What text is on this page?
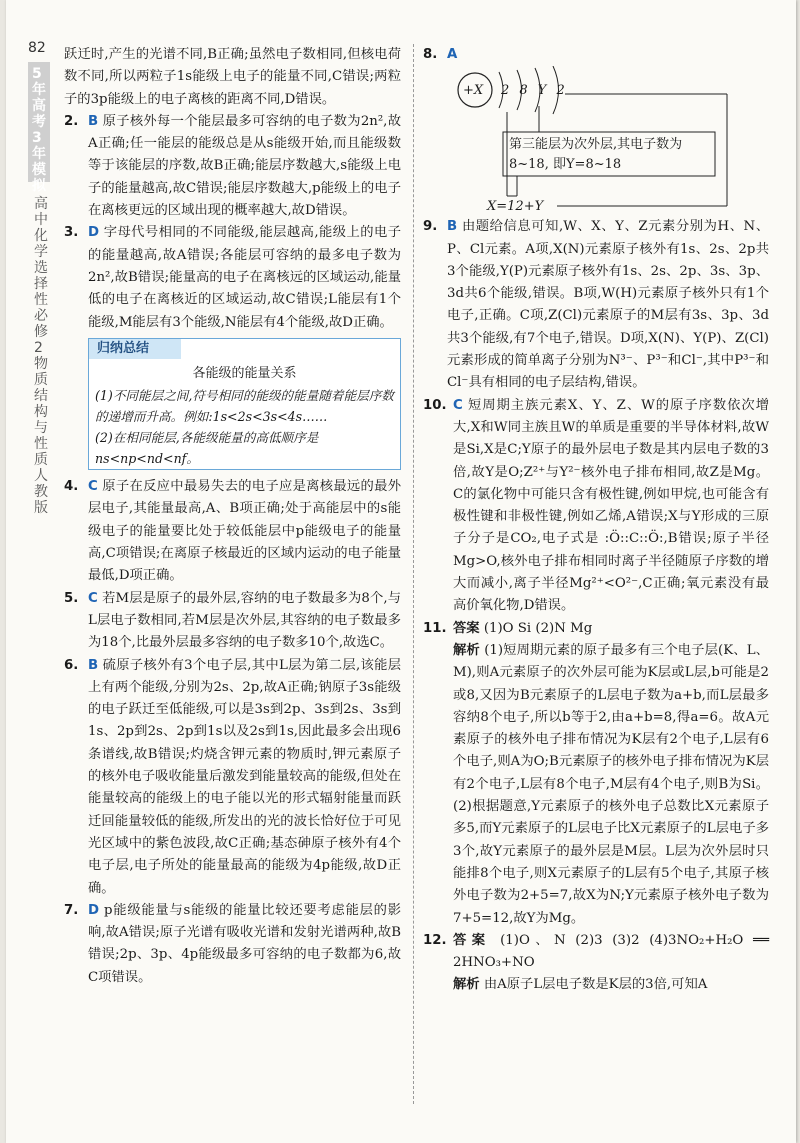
82
5年高考3年模拟
高中化学 选择性必修2 物质结构与性质 人教版

跃迁时,产生的光谱不同,B正确;虽然电子数相同,但核电荷数不同,所以两粒子1s能级上电子的能量不同,C错误;两粒子的3p能级上的电子离核的距离不同,D错误。

2. B 原子核外每一个能层最多可容纳的电子数为2n²,故A正确;任一能层的能级总是从s能级开始,而且能级数等于该能层的序数,故B正确;能层序数越大,s能级上电子的能量越高,故C错误;能层序数越大,p能级上的电子在离核更远的区域出现的概率越大,故D错误。
3. D 字母代号相同的不同能级,能层越高,能级上的电子的能量越高,故A错误;各能层可容纳的最多电子数为2n²,故B错误;能量高的电子在离核远的区域运动,能量低的电子在离核近的区域运动,故C错误;L能层有1个能级,M能层有3个能级,N能层有4个能级,故D正确。
归纳总结
各能级的能量关系
(1)不同能层之间,符号相同的能级的能量随着能层序数的递增而升高。例如:1s<2s<3s<4s……
(2)在相同能层,各能级能量的高低顺序是 ns<np<nd<nf。
4. C 原子在反应中最易失去的电子应是离核最远的最外层电子,其能量最高,A、B项正确;处于高能层中的s能级电子的能量要比处于较低能层中p能级电子的能量高,C项错误;在离原子核最近的区域内运动的电子能量最低,D项正确。
5. C 若M层是原子的最外层,容纳的电子数最多为8个,与L层电子数相同,若M层是次外层,其容纳的电子数最多为18个,比最外层最多容纳的电子数多10个,故选C。
6. B 硫原子核外有3个电子层,其中L层为第二层,该能层上有两个能级,分别为2s、2p,故A正确;钠原子3s能级的电子跃迁至低能级,可以是3s到2p、3s到2s、3s到1s、2p到2s、2p到1s以及2s到1s,因此最多会出现6条谱线,故B错误;灼烧含钾元素的物质时,钾元素原子的核外电子吸收能量后激发到能量较高的能级,但处在能量较高的能级上的电子能以光的形式辐射能量而跃迁回能量较低的能级,所发出的光的波长恰好位于可见光区域中的紫色波段,故C正确;基态砷原子核外有4个电子层,电子所处的能量最高的能级为4p能级,故D正确。
7. D p能级能量与s能级的能量比较还要考虑能层的影响,故A错误;原子光谱有吸收光谱和发射光谱两种,故B错误;2p、3p、4p能级最多可容纳的电子数都为6,故C项错误。
8. A
+X 2 8 Y 2
第三能层为次外层,其电子数为
8~18, 即Y=8~18
X=12+Y
9. B 由题给信息可知,W、X、Y、Z元素分别为H、N、P、Cl元素。A项,X(N)元素原子核外有1s、2s、2p共3个能级,Y(P)元素原子核外有1s、2s、2p、3s、3p、3d共6个能级,错误。B项,W(H)元素原子核外只有1个电子,正确。C项,Z(Cl)元素原子的M层有3s、3p、3d共3个能级,有7个电子,错误。D项,X(N)、Y(P)、Z(Cl)元素形成的简单离子分别为N³⁻、P³⁻和Cl⁻,其中P³⁻和Cl⁻具有相同的电子层结构,错误。
10. C 短周期主族元素X、Y、Z、W的原子序数依次增大,X和W同主族且W的单质是重要的半导体材料,故W是Si,X是C;Y原子的最外层电子数是其内层电子数的3倍,故Y是O;Z²⁺与Y²⁻核外电子排布相同,故Z是Mg。C的氯化物中可能只含有极性键,例如甲烷,也可能含有极性键和非极性键,例如乙烯,A错误;X与Y形成的三原子分子是CO₂,电子式是 :Ö::C::Ö:,B错误;原子半径Mg>O,核外电子排布相同时离子半径随原子序数的增大而减小,离子半径Mg²⁺<O²⁻,C正确;氧元素没有最高价氧化物,D错误。
11. 答案 (1)O Si (2)N Mg
解析 (1)短周期元素的原子最多有三个电子层(K、L、M),则A元素原子的次外层可能为K层或L层,b可能是2或8,又因为B元素原子的L层电子数为a+b,而L层最多容纳8个电子,所以b等于2,由a+b=8,得a=6。故A元素原子的核外电子排布情况为K层有2个电子,L层有6个电子,则A为O;B元素原子的核外电子排布情况为K层有2个电子,L层有8个电子,M层有4个电子,则B为Si。(2)根据题意,Y元素原子的核外电子总数比X元素原子多5,而Y元素原子的L层电子比X元素原子的L层电子多3个,故Y元素原子的最外层是M层。L层为次外层时只能排8个电子,则X元素原子的L层有5个电子,其原子核外电子数为2+5=7,故X为N;Y元素原子核外电子数为7+5=12,故Y为Mg。
12. 答案 (1)O、N (2)3 (3)2 (4)3NO₂+H₂O ══ 2HNO₃+NO
解析 由A原子L层电子数是K层的3倍,可知A
